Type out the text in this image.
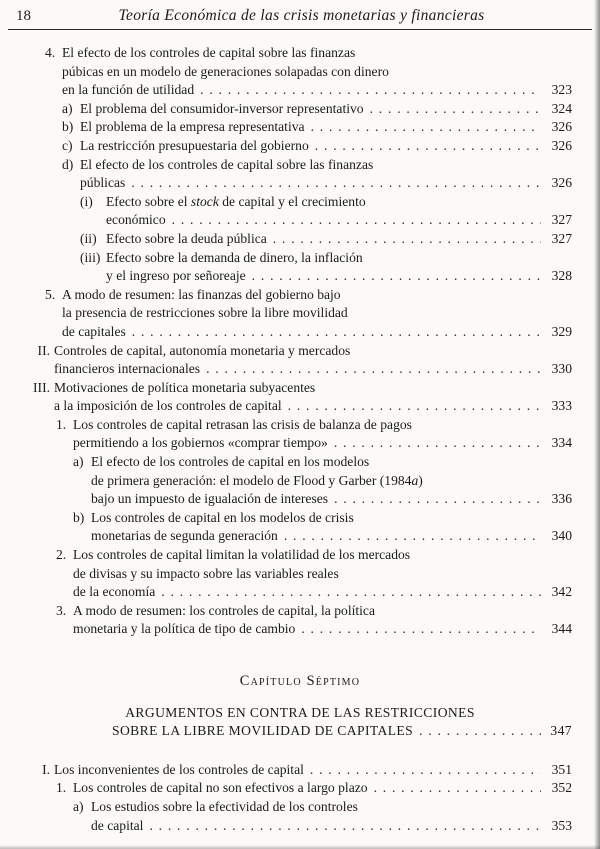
18	Teoría Económica de las crisis monetarias y financieras
4. El efecto de los controles de capital sobre las finanzas
púbicas en un modelo de generaciones solapadas con dinero
en la función de utilidad . . .	323
a) El problema del consumidor-inversor representativo . . .	324
b) El problema de la empresa representativa . . .	326
c) La restricción presupuestaria del gobierno . . .	326
d) El efecto de los controles de capital sobre las finanzas
públicas . . .	326
(i) Efecto sobre el stock de capital y el crecimiento
económico . . .	327
(ii) Efecto sobre la deuda pública . . .	327
(iii) Efecto sobre la demanda de dinero, la inflación
y el ingreso por señoreaje . . .	328
5. A modo de resumen: las finanzas del gobierno bajo
la presencia de restricciones sobre la libre movilidad
de capitales . . .	329
II. Controles de capital, autonomía monetaria y mercados
financieros internacionales . . .	330
III. Motivaciones de política monetaria subyacentes
a la imposición de los controles de capital . . .	333
1. Los controles de capital retrasan las crisis de balanza de pagos
permitiendo a los gobiernos «comprar tiempo» . . .	334
a) El efecto de los controles de capital en los modelos
de primera generación: el modelo de Flood y Garber (1984a)
bajo un impuesto de igualación de intereses . . .	336
b) Los controles de capital en los modelos de crisis
monetarias de segunda generación . . .	340
2. Los controles de capital limitan la volatilidad de los mercados
de divisas y su impacto sobre las variables reales
de la economía . . .	342
3. A modo de resumen: los controles de capital, la política
monetaria y la política de tipo de cambio . . .	344
Capítulo Séptimo
ARGUMENTOS EN CONTRA DE LAS RESTRICCIONES
SOBRE LA LIBRE MOVILIDAD DE CAPITALES . . .	347
I. Los inconvenientes de los controles de capital . . .	351
1. Los controles de capital no son efectivos a largo plazo . . .	352
a) Los estudios sobre la efectividad de los controles
de capital . . .	353
